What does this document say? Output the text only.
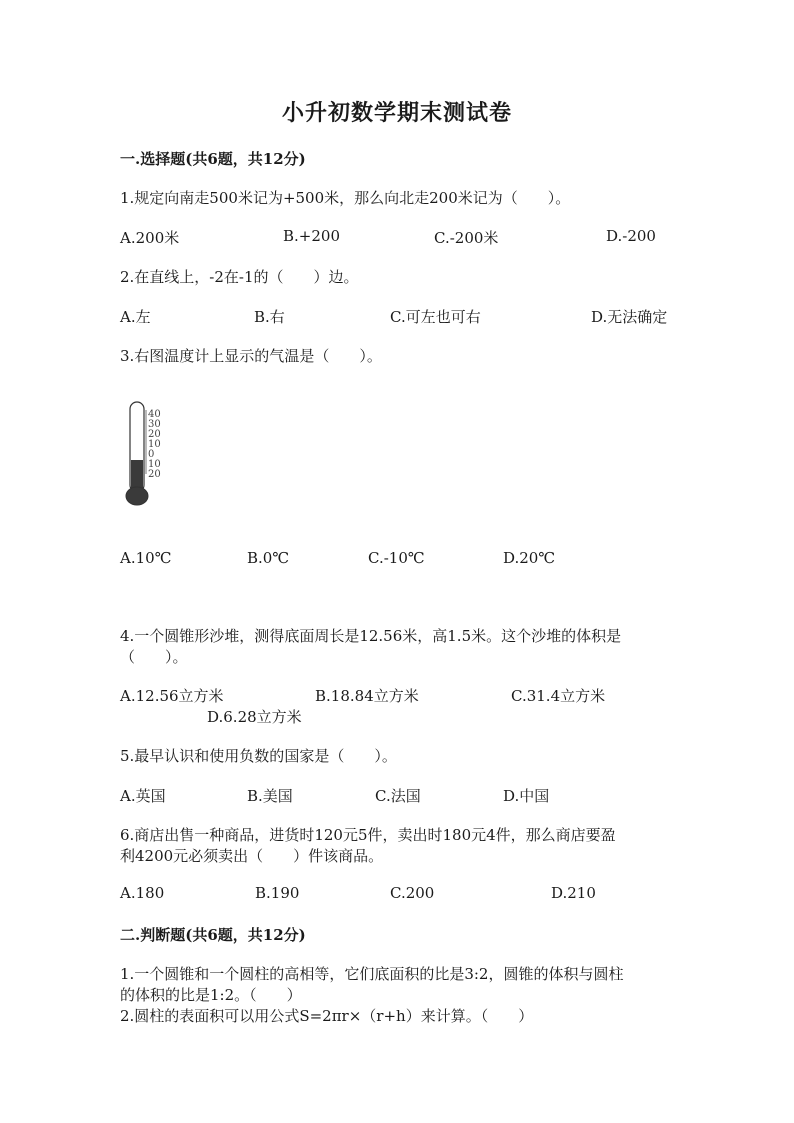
小升初数学期末测试卷
一.选择题(共6题，共12分)
1.规定向南走500米记为+500米，那么向北走200米记为（　　）。
A.200米	B.+200	C.-200米	D.-200
2.在直线上，-2在-1的（　　）边。
A.左	B.右	C.可左也可右	D.无法确定
3.右图温度计上显示的气温是（　　）。
40
30
20
10
0
10
20
A.10℃	B.0℃	C.-10℃	D.20℃
4.一个圆锥形沙堆，测得底面周长是12.56米，高1.5米。这个沙堆的体积是
（　　）。
A.12.56立方米	B.18.84立方米	C.31.4立方米
D.6.28立方米
5.最早认识和使用负数的国家是（　　）。
A.英国	B.美国	C.法国	D.中国
6.商店出售一种商品，进货时120元5件，卖出时180元4件，那么商店要盈
利4200元必须卖出（　　）件该商品。
A.180	B.190	C.200	D.210
二.判断题(共6题，共12分)
1.一个圆锥和一个圆柱的高相等，它们底面积的比是3:2，圆锥的体积与圆柱
的体积的比是1:2。（　　）
2.圆柱的表面积可以用公式S=2πr×（r+h）来计算。（　　）
